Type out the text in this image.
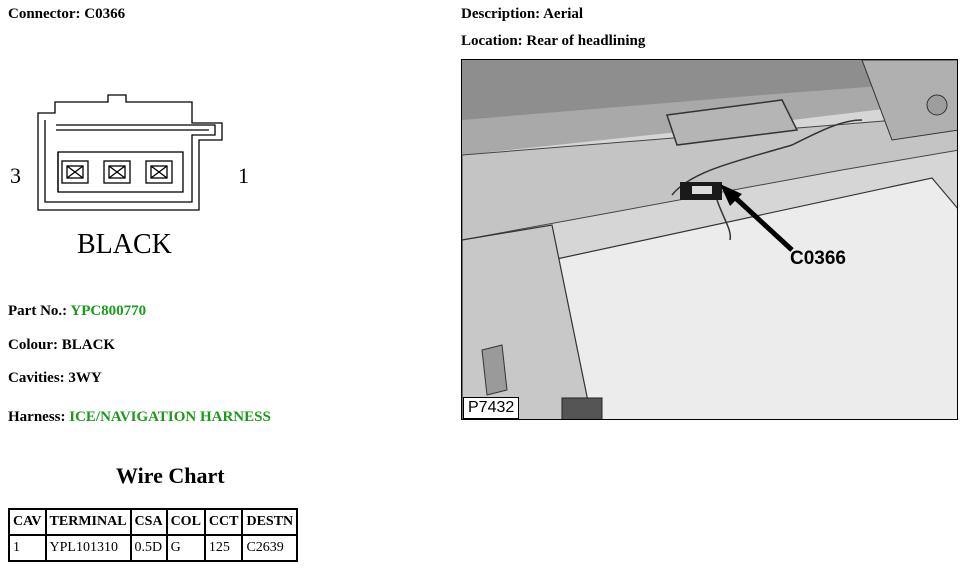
Connector: C0366	Description: Aerial
Location: Rear of headlining
3	1
BLACK
Part No.: YPC800770
Colour: BLACK
Cavities: 3WY
Harness: ICE/NAVIGATION HARNESS
Wire Chart
CAV	TERMINAL	CSA	COL	CCT	DESTN
1	YPL101310	0.5D	G	125	C2639
C0366
P7432
